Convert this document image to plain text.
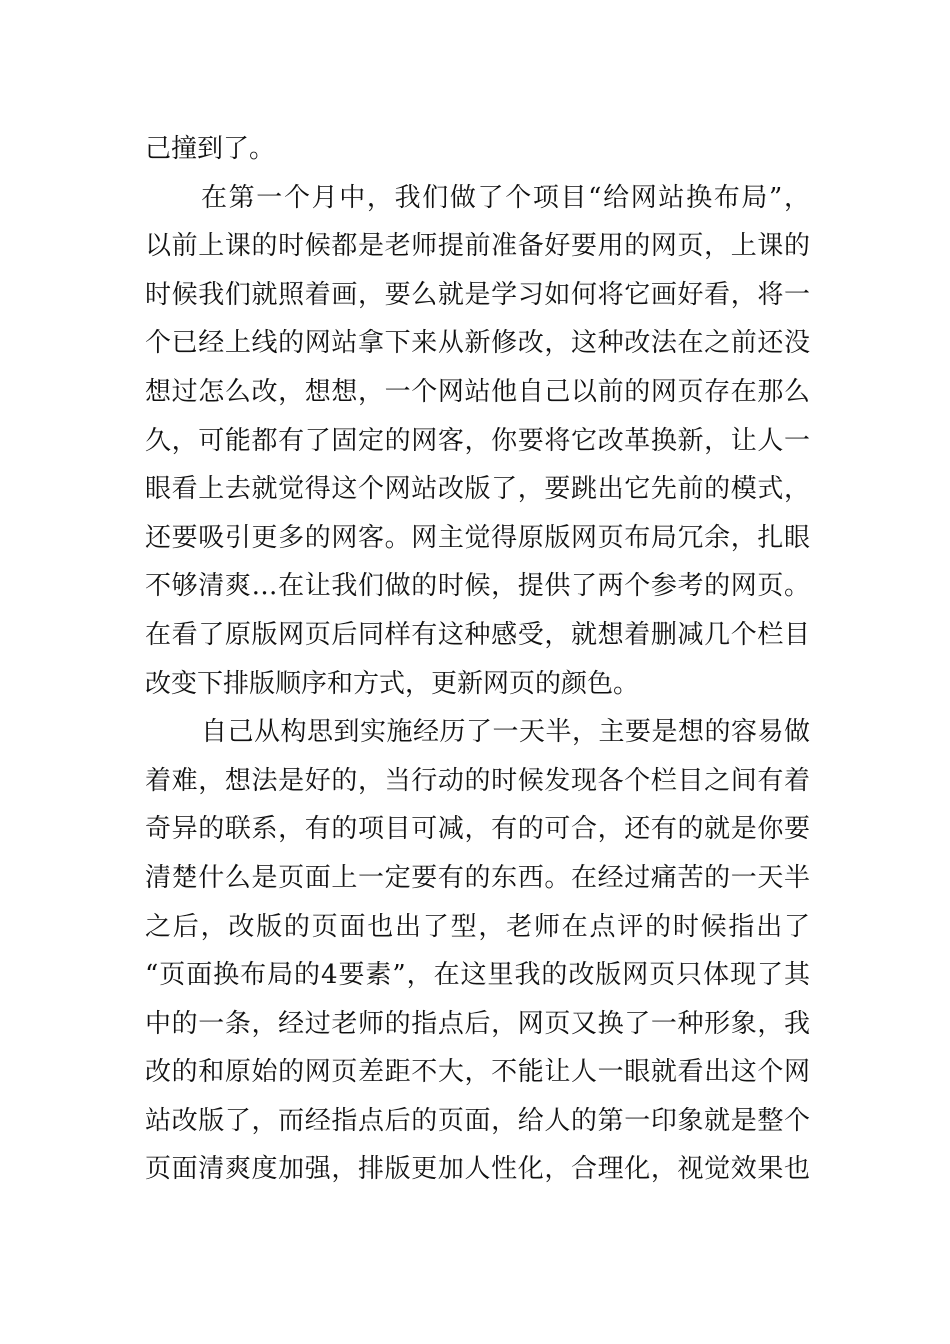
己撞到了。
在第一个月中，我们做了个项目“给网站换布局”，
以前上课的时候都是老师提前准备好要用的网页，上课的
时候我们就照着画，要么就是学习如何将它画好看，将一
个已经上线的网站拿下来从新修改，这种改法在之前还没
想过怎么改，想想，一个网站他自己以前的网页存在那么
久，可能都有了固定的网客，你要将它改革换新，让人一
眼看上去就觉得这个网站改版了，要跳出它先前的模式，
还要吸引更多的网客。网主觉得原版网页布局冗余，扎眼
不够清爽…在让我们做的时候，提供了两个参考的网页。
在看了原版网页后同样有这种感受，就想着删减几个栏目
改变下排版顺序和方式，更新网页的颜色。
自己从构思到实施经历了一天半，主要是想的容易做
着难，想法是好的，当行动的时候发现各个栏目之间有着
奇异的联系，有的项目可减，有的可合，还有的就是你要
清楚什么是页面上一定要有的东西。在经过痛苦的一天半
之后，改版的页面也出了型，老师在点评的时候指出了
“页面换布局的4要素”，在这里我的改版网页只体现了其
中的一条，经过老师的指点后，网页又换了一种形象，我
改的和原始的网页差距不大，不能让人一眼就看出这个网
站改版了，而经指点后的页面，给人的第一印象就是整个
页面清爽度加强，排版更加人性化，合理化，视觉效果也
